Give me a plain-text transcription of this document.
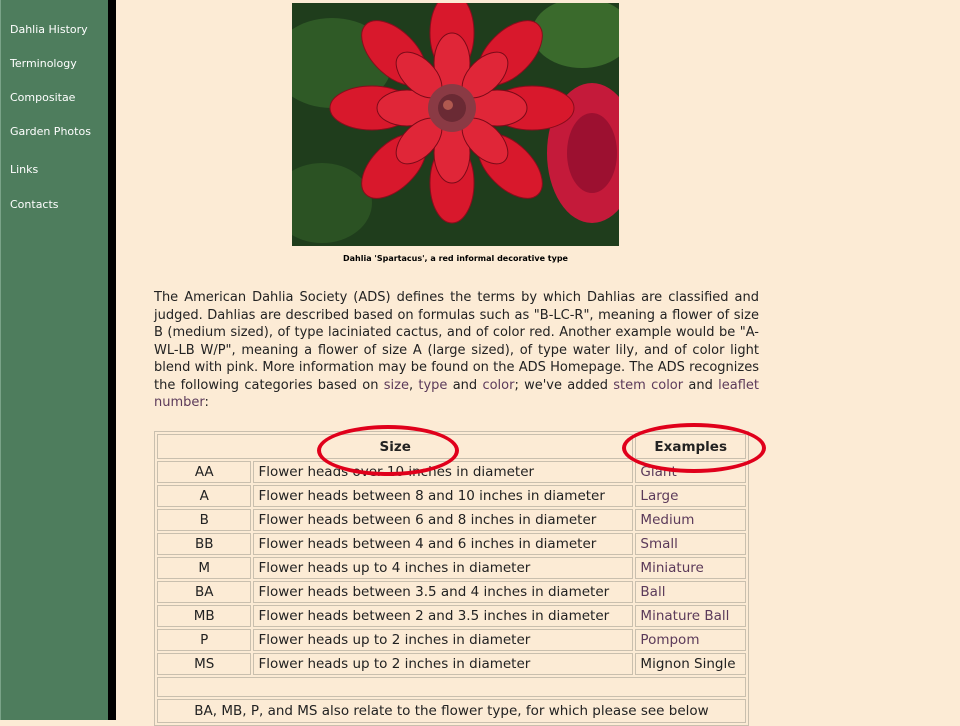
Dahlia History
Terminology
Compositae
Garden Photos
Links
Contacts
Dahlia 'Spartacus', a red informal decorative type

The American Dahlia Society (ADS) defines the terms by which Dahlias are classified and judged. Dahlias are described based on formulas such as "B-LC-R", meaning a flower of size B (medium sized), of type laciniated cactus, and of color red. Another example would be "A-WL-LB W/P", meaning a flower of size A (large sized), of type water lily, and of color light blend with pink. More information may be found on the ADS Homepage. The ADS recognizes the following categories based on size, type and color; we've added stem color and leaflet number:

Size		Examples
AA	Flower heads over 10 inches in diameter	Giant
A	Flower heads between 8 and 10 inches in diameter	Large
B	Flower heads between 6 and 8 inches in diameter	Medium
BB	Flower heads between 4 and 6 inches in diameter	Small
M	Flower heads up to 4 inches in diameter	Miniature
BA	Flower heads between 3.5 and 4 inches in diameter	Ball
MB	Flower heads between 2 and 3.5 inches in diameter	Minature Ball
P	Flower heads up to 2 inches in diameter	Pompom
MS	Flower heads up to 2 inches in diameter	Mignon Single

BA, MB, P, and MS also relate to the flower type, for which please see below		
